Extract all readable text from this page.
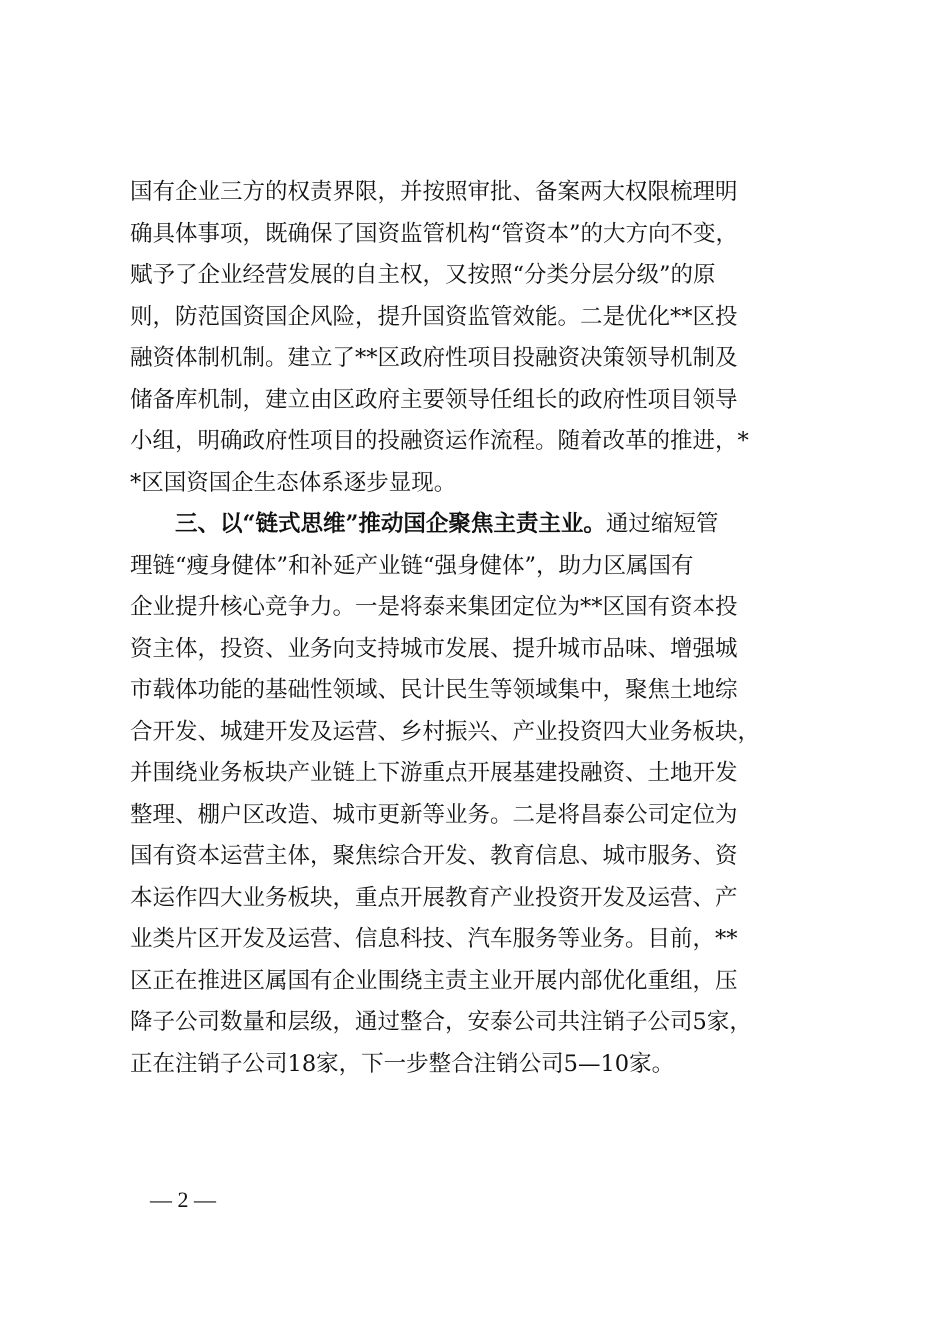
国有企业三方的权责界限，并按照审批、备案两大权限梳理明
确具体事项，既确保了国资监管机构“管资本”的大方向不变，
赋予了企业经营发展的自主权，又按照“分类分层分级”的原
则，防范国资国企风险，提升国资监管效能。二是优化**区投
融资体制机制。建立了**区政府性项目投融资决策领导机制及
储备库机制，建立由区政府主要领导任组长的政府性项目领导
小组，明确政府性项目的投融资运作流程。随着改革的推进，*
*区国资国企生态体系逐步显现。
　　三、以“链式思维”推动国企聚焦主责主业。通过缩短管
理链“瘦身健体”和补延产业链“强身健体”，助力区属国有
企业提升核心竞争力。一是将泰来集团定位为**区国有资本投
资主体，投资、业务向支持城市发展、提升城市品味、增强城
市载体功能的基础性领域、民计民生等领域集中，聚焦土地综
合开发、城建开发及运营、乡村振兴、产业投资四大业务板块，
并围绕业务板块产业链上下游重点开展基建投融资、土地开发
整理、棚户区改造、城市更新等业务。二是将昌泰公司定位为
国有资本运营主体，聚焦综合开发、教育信息、城市服务、资
本运作四大业务板块，重点开展教育产业投资开发及运营、产
业类片区开发及运营、信息科技、汽车服务等业务。目前，**
区正在推进区属国有企业围绕主责主业开展内部优化重组，压
降子公司数量和层级，通过整合，安泰公司共注销子公司5家，
正在注销子公司18家，下一步整合注销公司5—10家。
— 2 —
